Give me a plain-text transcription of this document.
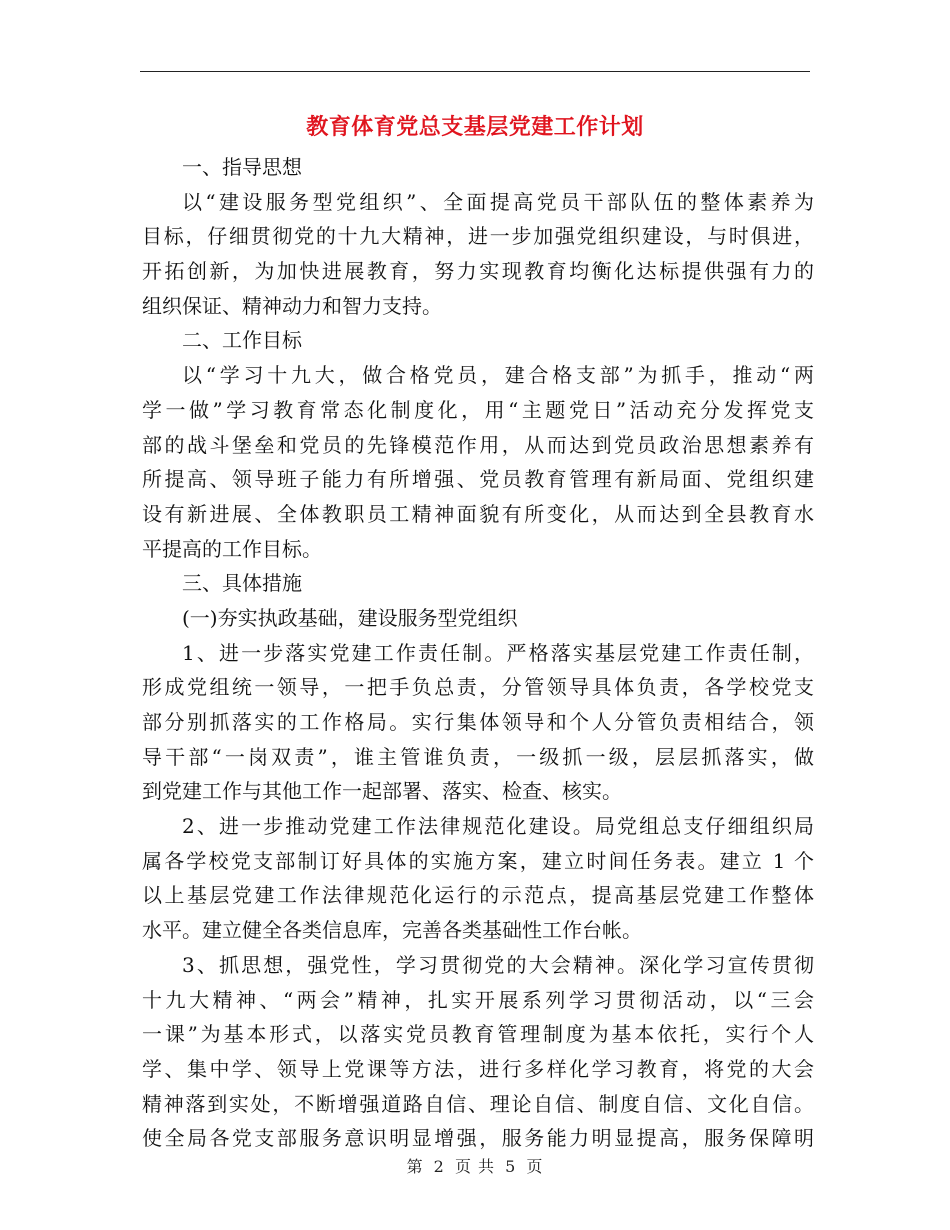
教育体育党总支基层党建工作计划
一、指导思想
以“建设服务型党组织”、全面提高党员干部队伍的整体素养为
目标，仔细贯彻党的十九大精神，进一步加强党组织建设，与时俱进，
开拓创新，为加快进展教育，努力实现教育均衡化达标提供强有力的
组织保证、精神动力和智力支持。
二、工作目标
以“学习十九大，做合格党员，建合格支部”为抓手，推动“两
学一做”学习教育常态化制度化，用“主题党日”活动充分发挥党支
部的战斗堡垒和党员的先锋模范作用，从而达到党员政治思想素养有
所提高、领导班子能力有所增强、党员教育管理有新局面、党组织建
设有新进展、全体教职员工精神面貌有所变化，从而达到全县教育水
平提高的工作目标。
三、具体措施
(一)夯实执政基础，建设服务型党组织
1、进一步落实党建工作责任制。严格落实基层党建工作责任制，
形成党组统一领导，一把手负总责，分管领导具体负责，各学校党支
部分别抓落实的工作格局。实行集体领导和个人分管负责相结合，领
导干部“一岗双责”，谁主管谁负责，一级抓一级，层层抓落实，做
到党建工作与其他工作一起部署、落实、检查、核实。
2、进一步推动党建工作法律规范化建设。局党组总支仔细组织局
属各学校党支部制订好具体的实施方案，建立时间任务表。建立 1 个
以上基层党建工作法律规范化运行的示范点，提高基层党建工作整体
水平。建立健全各类信息库，完善各类基础性工作台帐。
3、抓思想，强党性，学习贯彻党的大会精神。深化学习宣传贯彻
十九大精神、“两会”精神，扎实开展系列学习贯彻活动，以“三会
一课”为基本形式，以落实党员教育管理制度为基本依托，实行个人
学、集中学、领导上党课等方法，进行多样化学习教育，将党的大会
精神落到实处，不断增强道路自信、理论自信、制度自信、文化自信。
使全局各党支部服务意识明显增强，服务能力明显提高，服务保障明
第 2 页 共 5 页
